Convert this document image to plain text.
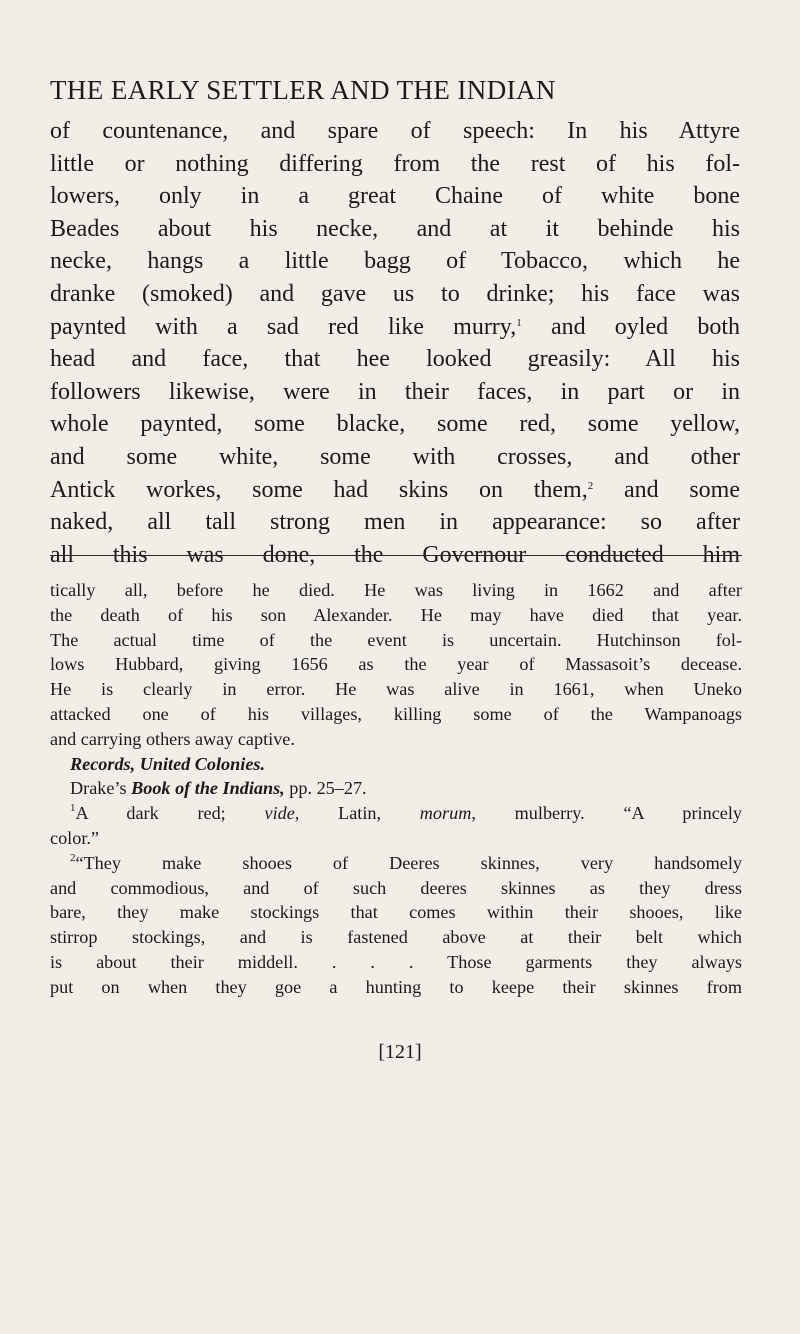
THE EARLY SETTLER AND THE INDIAN
of countenance, and spare of speech: In his Attyre
little or nothing differing from the rest of his fol-
lowers, only in a great Chaine of white bone
Beades about his necke, and at it behinde his
necke, hangs a little bagg of Tobacco, which he
dranke (smoked) and gave us to drinke; his face was
paynted with a sad red like murry,$^1$ and oyled both
head and face, that hee looked greasily: All his
followers likewise, were in their faces, in part or in
whole paynted, some blacke, some red, some yellow,
and some white, some with crosses, and other
Antick workes, some had skins on them,$^2$ and some
naked, all tall strong men in appearance: so after
all this was done, the Governour conducted him
tically all, before he died. He was living in 1662 and after
the death of his son Alexander. He may have died that year.
The actual time of the event is uncertain. Hutchinson fol-
lows Hubbard, giving 1656 as the year of Massasoit’s decease.
He is clearly in error. He was alive in 1661, when Uneko
attacked one of his villages, killing some of the Wampanoags
and carrying others away captive.
Records, United Colonies.
Drake’s Book of the Indians, pp. 25–27.
$^1$A dark red; vide, Latin, morum, mulberry. “A princely
color.”
$^2$“They make shooes of Deeres skinnes, very handsomely
and commodious, and of such deeres skinnes as they dress
bare, they make stockings that comes within their shooes, like
stirrop stockings, and is fastened above at their belt which
is about their middell. . . . Those garments they always
put on when they goe a hunting to keepe their skinnes from
[121]
